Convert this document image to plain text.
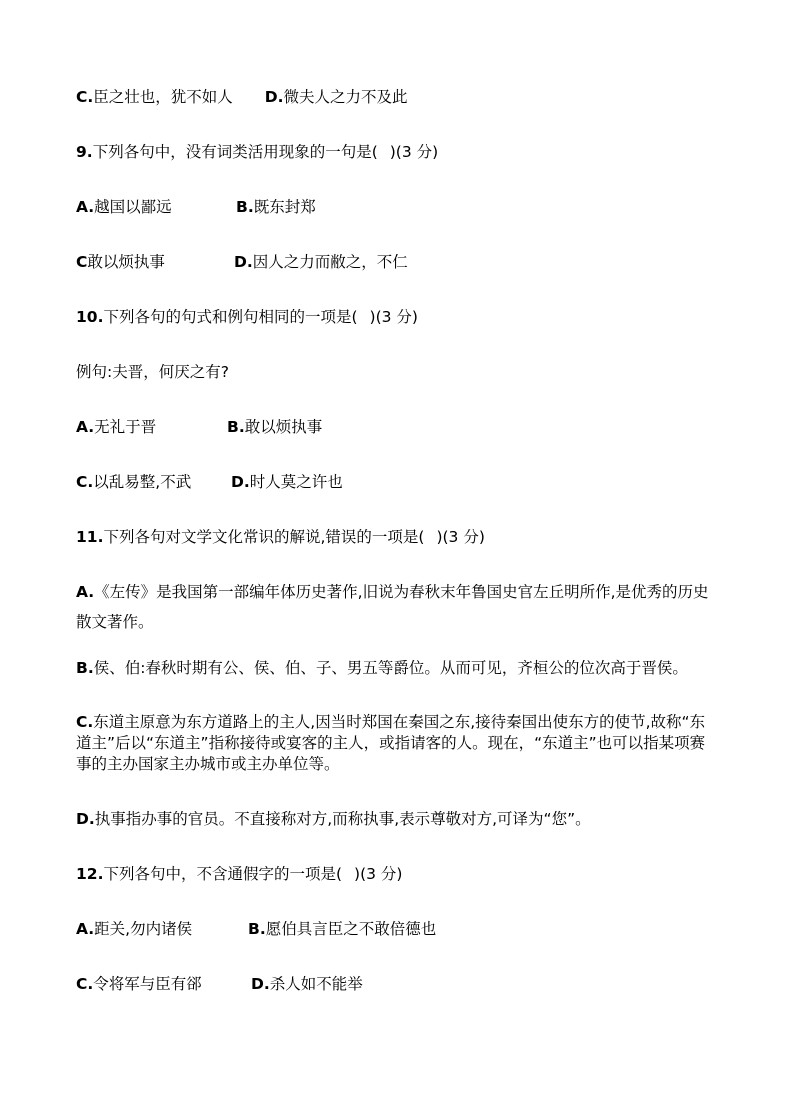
C.臣之壮也，犹不如人 D.微夫人之力不及此
9.下列各句中，没有词类活用现象的一句是( )(3 分)
A.越国以鄙远	B.既东封郑
C敢以烦执事	D.因人之力而敝之，不仁
10.下列各句的句式和例句相同的一项是( )(3 分)
例句:夫晋，何厌之有?
A.无礼于晋	B.敢以烦执事
C.以乱易整,不武	D.时人莫之许也
11.下列各句对文学文化常识的解说,错误的一项是( )(3 分)
A.《左传》是我国第一部编年体历史著作,旧说为春秋末年鲁国史官左丘明所作,是优秀的历史散文著作。
B.侯、伯:春秋时期有公、侯、伯、子、男五等爵位。从而可见，齐桓公的位次高于晋侯。
C.东道主原意为东方道路上的主人,因当时郑国在秦国之东,接待秦国出使东方的使节,故称“东道主”后以“东道主”指称接待或宴客的主人，或指请客的人。现在，“东道主”也可以指某项赛事的主办国家主办城市或主办单位等。
D.执事指办事的官员。不直接称对方,而称执事,表示尊敬对方,可译为“您”。
12.下列各句中，不含通假字的一项是( )(3 分)
A.距关,勿内诸侯	B.愿伯具言臣之不敢倍德也
C.令将军与臣有郤	D.杀人如不能举
